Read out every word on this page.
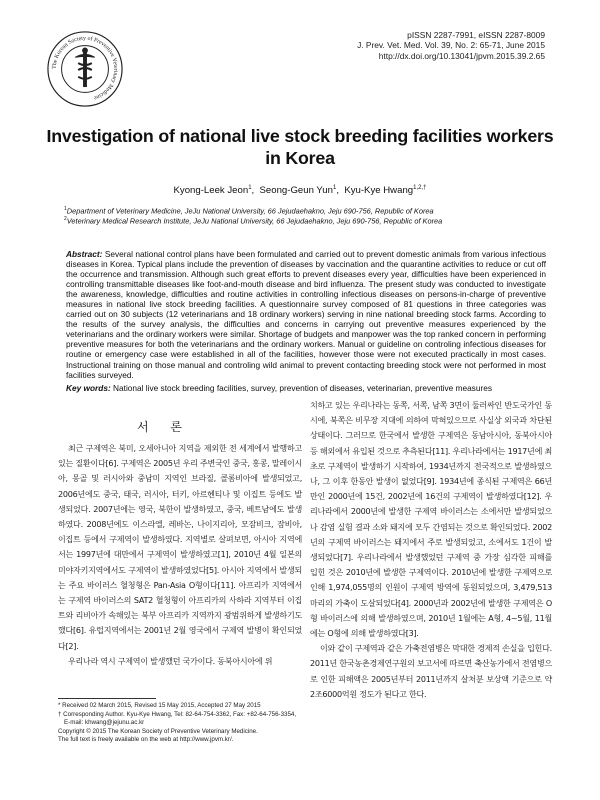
The Korean Society of Preventive Veterinary Medicine
pISSN 2287-7991, eISSN 2287-8009
J. Prev. Vet. Med. Vol. 39, No. 2: 65-71, June 2015
http://dx.doi.org/10.13041/jpvm.2015.39.2.65
Investigation of national live stock breeding facilities workers
in Korea
Kyong-Leek Jeon$^1$,  Seong-Geun Yun$^1$,  Kyu-Kye Hwang$^{1,2,\dagger}$
$^1$Department of Veterinary Medicine, JeJu National University, 66 Jejudaehakno, Jeju 690-756, Republic of Korea
$^2$Veterinary Medical Research Institute, JeJu National University, 66 Jejudaehakno, Jeju 690-756, Republic of Korea
Abstract: Several national control plans have been formulated and carried out to prevent domestic animals from various infectious diseases in Korea. Typical plans include the prevention of diseases by vaccination and the quarantine activities to reduce or cut off the occurrence and transmission. Although such great efforts to prevent diseases every year, difficulties have been experienced in controlling transmittable diseases like foot-and-mouth disease and bird influenza. The present study was conducted to investigate the awareness, knowledge, difficulties and routine activities in controlling infectious diseases on persons-in-charge of preventive measures in national live stock breeding facilities. A questionnaire survey composed of 81 questions in three categories was carried out on 30 subjects (12 veterinarians and 18 ordinary workers) serving in nine national breeding stock farms. According to the results of the survey analysis, the difficulties and concerns in carrying out preventive measures experienced by the veterinarians and the ordinary workers were similar. Shortage of budgets and manpower was the top ranked concern in performing preventive measures for both the veterinarians and the ordinary workers. Manual or guideline on controling infectious diseases for routine or emergency case were established in all of the facilities, however those were not executed practically in most cases. Instructional training on those manual and controling wild animal to prevent contacting breeding stock were not performed in most facilities surveyed.
Key words: National live stock breeding facilities, survey, prevention of diseases, veterinarian, preventive measures
서 론

최근 구제역은 북미, 오세아니아 지역을 제외한 전 세계에서 발행하고 있는 질환이다[6]. 구제역은 2005년 우리 주변국인 중국, 홍콩, 말레이시아, 몽골 및 러시아와 중남미 지역인 브라질, 콜롬비아에 발생되었고, 2006년에도 중국, 태국, 러시아, 터키, 아르헨티나 및 이집트 등에도 발생되었다. 2007년에는 영국, 북한이 발생하였고, 중국, 베트남에도 발생하였다. 2008년에도 이스라엘, 레바논, 나이지리아, 모잠비크, 잠비아, 이집트 등에서 구제역이 발생하였다. 지역별로 살펴보면, 아시아 지역에서는 1997년에 대만에서 구제역이 발생하였고[1], 2010년 4월 일본의 미야자키지역에서도 구제역이 발생하였었다[5]. 아시아 지역에서 발생되는 주요 바이러스 혈청형은 Pan-Asia O형이다[11]. 아프리카 지역에서는 구제역 바이러스의 SAT2 혈청형이 아프리카의 사하라 지역부터 이집트와 리비아가 속해있는 북부 아프리카 지역까지 광범위하게 발생하기도 했다[6]. 유럽지역에서는 2001년 2월 영국에서 구제역 발병이 확인되었다[2].

우리나라 역시 구제역이 발생했던 국가이다. 동북아시아에 위

치하고 있는 우리나라는 동쪽, 서쪽, 남쪽 3면이 둘러싸인 반도국가인 동시에, 북쪽은 비무장 지대에 의하여 막혀있으므로 사실상 외국과 차단된 상태이다. 그러므로 한국에서 발생한 구제역은 동남아시아, 동북아시아 등 해외에서 유입된 것으로 추측된다[11]. 우리나라에서는 1917년에 최초로 구제역이 발생하기 시작하여, 1934년까지 전국적으로 발생하였으나, 그 이후 한동안 발생이 없었다[9]. 1934년에 종식된 구제역은 66년만인 2000년에 15건, 2002년에 16건의 구제역이 발생하였다[12]. 우리나라에서 2000년에 발생한 구제역 바이러스는 소에서만 발생되었으나 감염 실험 결과 소와 돼지에 모두 간염되는 것으로 확인되었다. 2002년의 구제역 바이러스는 돼지에서 주로 발생되었고, 소에서도 1건이 발생되었다[7]. 우리나라에서 발생했었던 구제역 중 가장 심각한 피해를 입힌 것은 2010년에 발생한 구제역이다. 2010년에 발생한 구제역으로 인해 1,974,055명의 인원이 구제역 방역에 동원되었으며, 3,479,513마리의 가축이 도살되었다[4]. 2000년과 2002년에 발생한 구제역은 O형 바이러스에 의해 발생하였으며, 2010년 1월에는 A형, 4~5월, 11월에는 O형에 의해 발생하였다[3].

이와 같이 구제역과 같은 가축전염병은 막대한 경제적 손실을 입힌다. 2011년 한국농촌경제연구원의 보고서에 따르면 축산농가에서 전염병으로 인한 피해액은 2005년부터 2011년까지 살처분 보상액 기준으로 약 2조6000억원 정도가 된다고 한다.

* Received 02 March 2015, Revised 15 May 2015, Accepted 27 May 2015
† Corresponding Author. Kyu-Kye Hwang, Tel: 82-64-754-3362, Fax: +82-64-756-3354,
E-mail: khwang@jejunu.ac.kr
Copyright © 2015 The Korean Society of Preventive Veterinary Medicine.
The full text is freely available on the web at http://www.jpvm.kr/.
